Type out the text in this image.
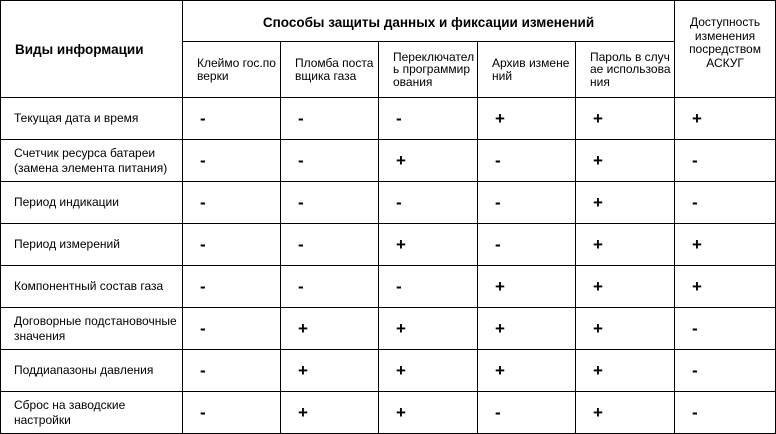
Виды информации	Способы защиты данных и фиксации изменений					Доступность изменения посредством АСКУГ
	Клеймо гос.поверки	Пломба поставщика газа	Переключатель программирования	Архив изменений	Пароль в случае использования	
Текущая дата и время	-	-	-	+	+	+
Счетчик ресурса батареи (замена элемента питания)	-	-	+	-	+	-
Период индикации	-	-	-	-	+	-
Период измерений	-	-	+	-	+	+
Компонентный состав газа	-	-	-	+	+	+
Договорные подстановочные значения	-	+	+	+	+	-
Поддиапазоны давления	-	+	+	+	+	-
Сброс на заводские настройки	-	+	+	-	+	-
